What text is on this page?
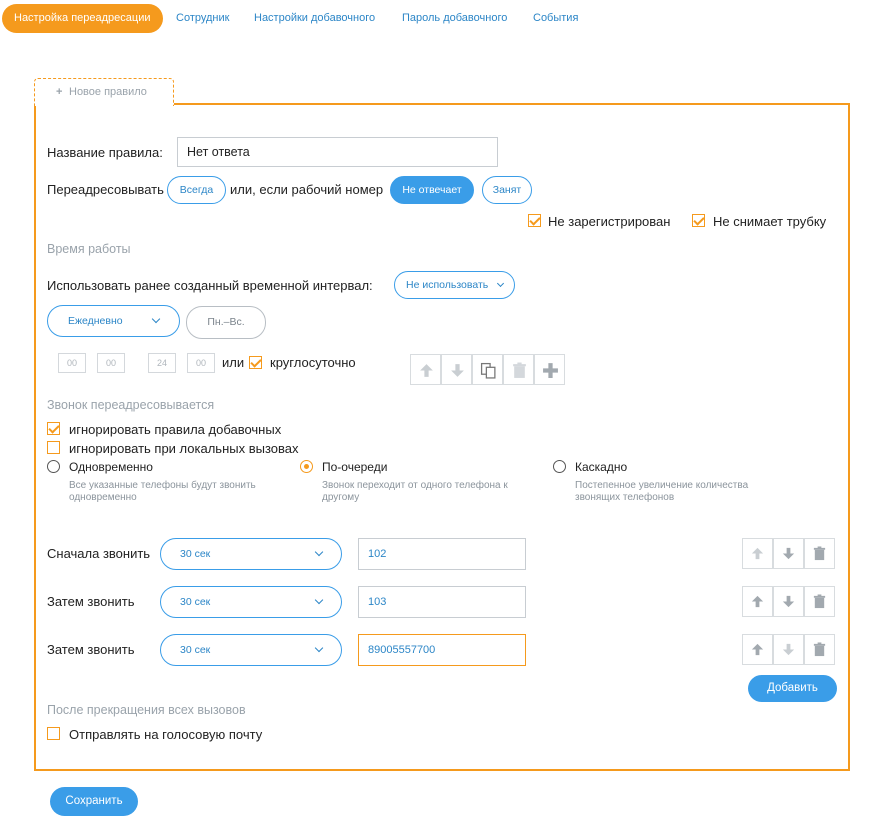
Настройка переадресации	Сотрудник Настройки добавочного Пароль добавочного События
+ Новое правило
Название правила:	Нет ответа
Переадресовывать	Всегда	или, если рабочий номер	Не отвечает	Занят
Не зарегистрирован	Не снимает трубку
Время работы
Использовать ранее созданный временной интервал:	Не использовать
Ежедневно	Пн.–Вс.
00	00	24	00	или круглосуточно
Звонок переадресовывается
игнорировать правила добавочных
игнорировать при локальных вызовах
Одновременно
Все указанные телефоны будут звонить одновременно
По-очереди
Звонок переходит от одного телефона к другому
Каскадно
Постепенное увеличение количества звонящих телефонов
Сначала звонить	30 сек	102
Затем звонить	30 сек	103
Затем звонить	30 сек	89005557700
Добавить
После прекращения всех вызовов
Отправлять на голосовую почту
Сохранить
